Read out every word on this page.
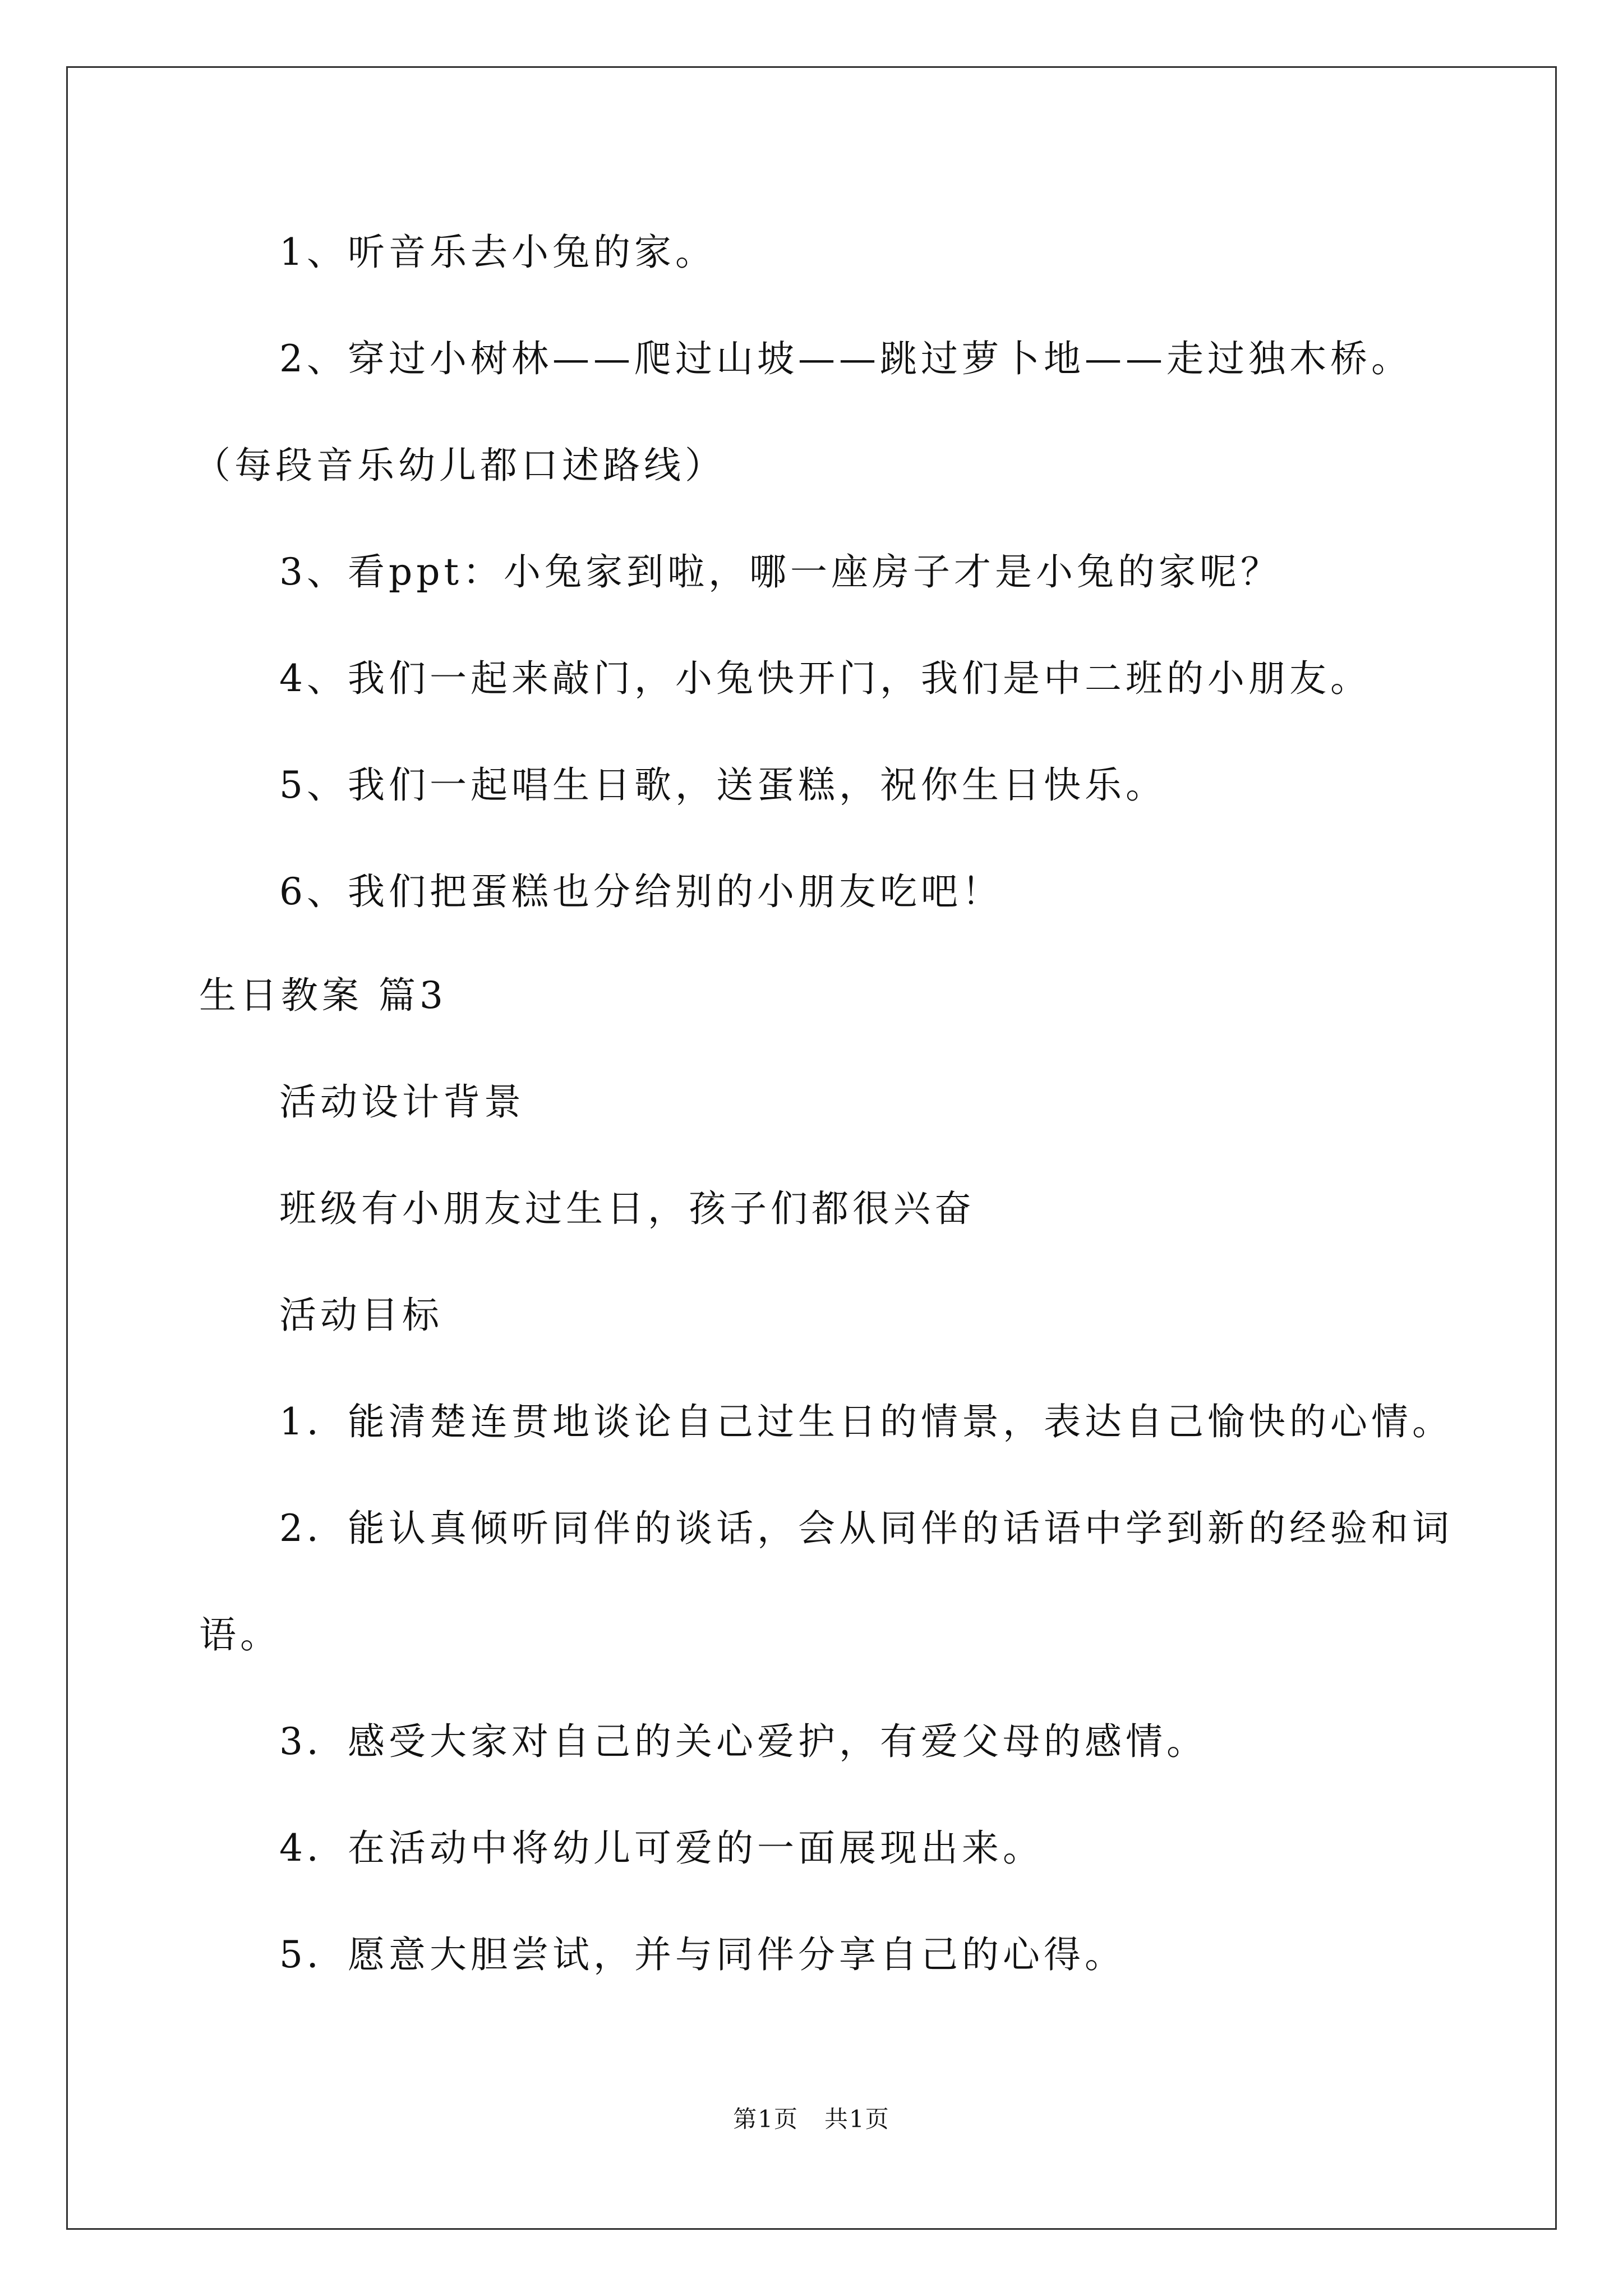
1、听音乐去小兔的家。
2、穿过小树林——爬过山坡——跳过萝卜地——走过独木桥。
（每段音乐幼儿都口述路线）
3、看ppt：小兔家到啦，哪一座房子才是小兔的家呢？
4、我们一起来敲门，小兔快开门，我们是中二班的小朋友。
5、我们一起唱生日歌，送蛋糕，祝你生日快乐。
6、我们把蛋糕也分给别的小朋友吃吧！
生日教案 篇3
活动设计背景
班级有小朋友过生日，孩子们都很兴奋
活动目标
1．能清楚连贯地谈论自己过生日的情景，表达自己愉快的心情。
2．能认真倾听同伴的谈话，会从同伴的话语中学到新的经验和词
语。
3．感受大家对自己的关心爱护，有爱父母的感情。
4．在活动中将幼儿可爱的一面展现出来。
5．愿意大胆尝试，并与同伴分享自己的心得。
第1页 共1页
